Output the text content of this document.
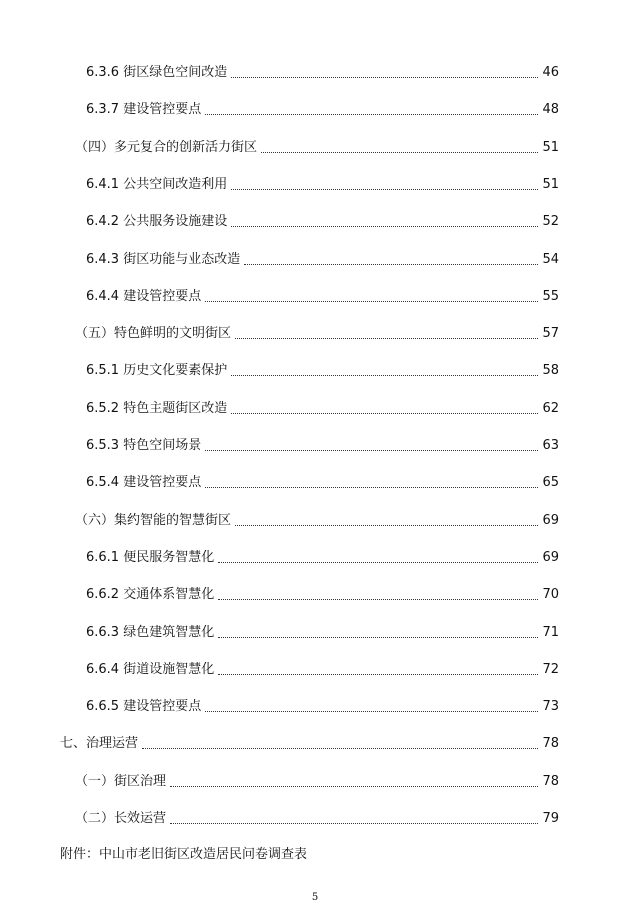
6.3.6 街区绿色空间改造	46
6.3.7 建设管控要点	48
（四）多元复合的创新活力街区	51
6.4.1 公共空间改造利用	51
6.4.2 公共服务设施建设	52
6.4.3 街区功能与业态改造	54
6.4.4 建设管控要点	55
（五）特色鲜明的文明街区	57
6.5.1 历史文化要素保护	58
6.5.2 特色主题街区改造	62
6.5.3 特色空间场景	63
6.5.4 建设管控要点	65
（六）集约智能的智慧街区	69
6.6.1 便民服务智慧化	69
6.6.2 交通体系智慧化	70
6.6.3 绿色建筑智慧化	71
6.6.4 街道设施智慧化	72
6.6.5 建设管控要点	73
七、治理运营	78
（一）街区治理	78
（二）长效运营	79
附件：中山市老旧街区改造居民问卷调查表
5
